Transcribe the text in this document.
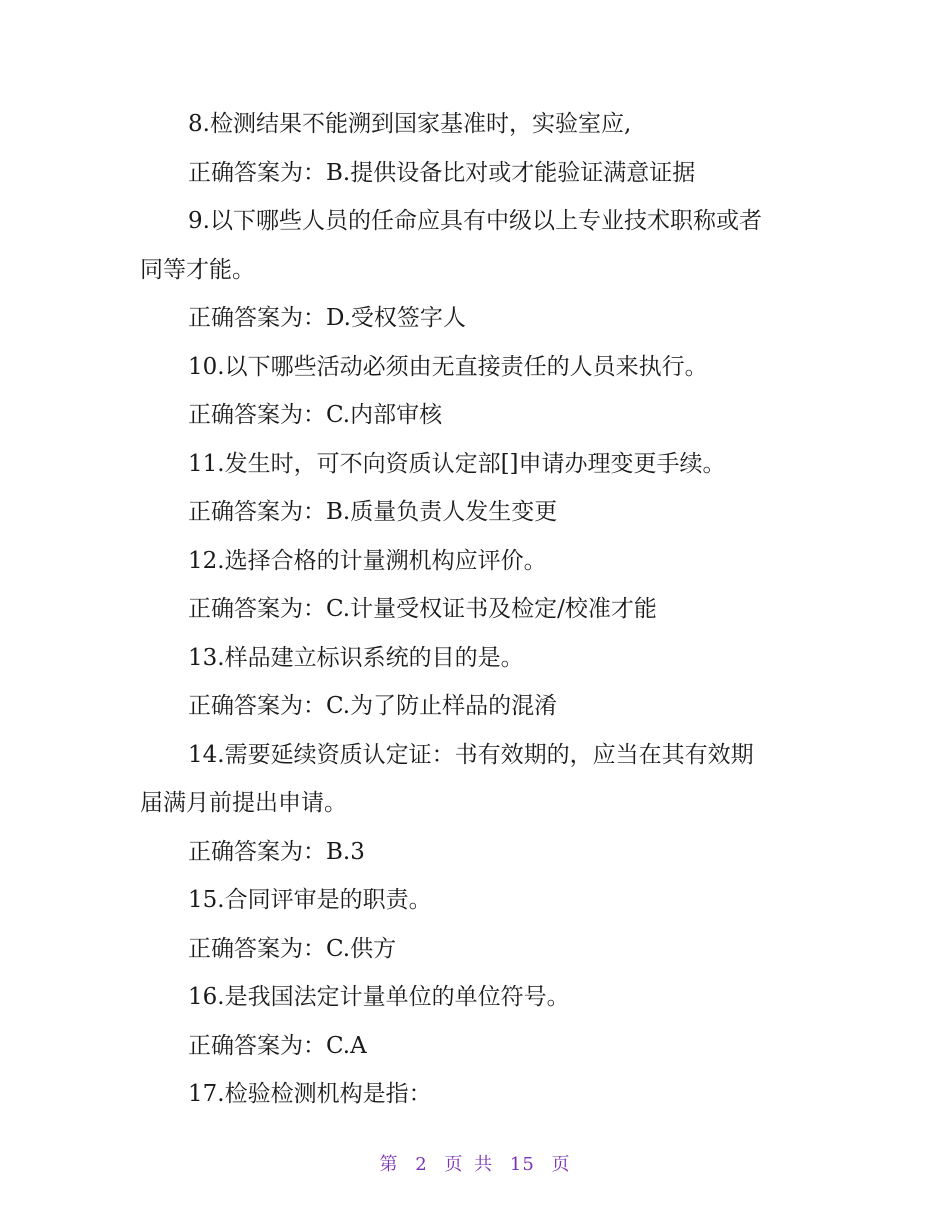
8.检测结果不能溯到国家基准时，实验室应,
正确答案为：B.提供设备比对或才能验证满意证据
9.以下哪些人员的任命应具有中级以上专业技术职称或者
同等才能。
正确答案为：D.受权签字人
10.以下哪些活动必须由无直接责任的人员来执行。
正确答案为：C.内部审核
11.发生时，可不向资质认定部[]申请办理变更手续。
正确答案为：B.质量负责人发生变更
12.选择合格的计量溯机构应评价。
正确答案为：C.计量受权证书及检定/校准才能
13.样品建立标识系统的目的是。
正确答案为：C.为了防止样品的混淆
14.需要延续资质认定证：书有效期的，应当在其有效期
届满月前提出申请。
正确答案为：B.3
15.合同评审是的职责。
正确答案为：C.供方
16.是我国法定计量单位的单位符号。
正确答案为：C.A
17.检验检测机构是指：
第 2 页 共 15 页
